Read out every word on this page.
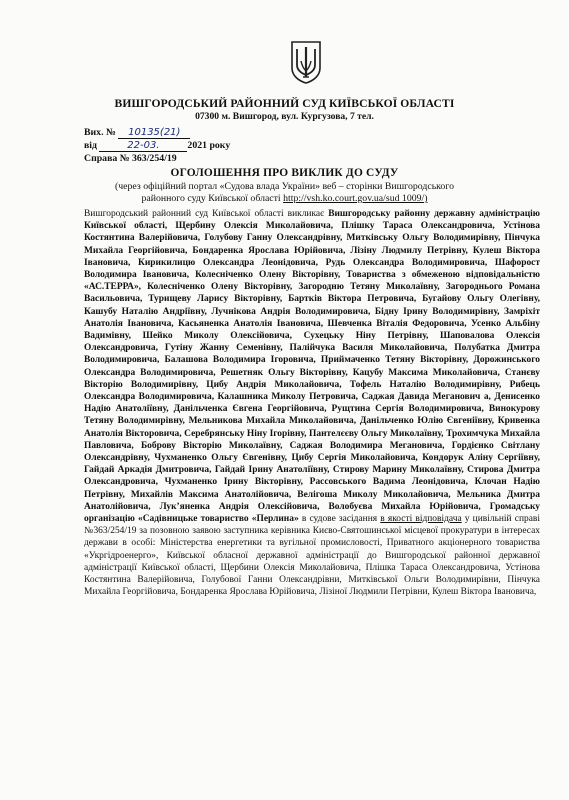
ВИШГОРОДСЬКИЙ РАЙОННИЙ СУД КИЇВСЬКОЇ ОБЛАСТІ
07300 м. Вишгород, вул. Кургузова, 7 тел.
Вих. № 10135(21)
від	22-03.	2021 року
Справа № 363/254/19
ОГОЛОШЕННЯ ПРО ВИКЛИК ДО СУДУ
(через офіційний портал «Судова влада України» веб – сторінки Вишгородського
районного суду Київської області http://vsh.ko.court.gov.ua/sud 1009/)
Вишгородський районний суд Київської області викликає Вишгородську районну державну адміністрацію Київської області, Щербину Олексія Миколайовича, Плішку Тараса Олександровича, Устінова Костянтина Валерійовича, Голубову Ганну Олександрівну, Митківську Ольгу Володимирівну, Пінчука Михайла Георгійовича, Бондаренка Ярослава Юрійовича, Лізіну Людмилу Петрівну, Кулеш Віктора Івановича, Кирикилицю Олександра Леонідовича, Рудь Олександра Володимировича, Шафорост Володимира Івановича, Колесніченко Олену Вікторівну, Товариства з обмеженою відповідальністю «АС.ТЕРРА», Колесніченко Олену Вікторівну, Загородню Тетяну Миколаївну, Загороднього Романа Васильовича, Турищеву Ларису Вікторівну, Бартків Віктора Петровича, Бугайову Ольгу Олегівну, Кашубу Наталію Андріївну, Лучнікова Андрія Володимировича, Бідну Ірину Володимирівну, Замріхіт Анатолія Івановича, Касьяненка Анатолія Івановича, Шевченка Віталія Федоровича, Усенко Альбіну Вадимівну, Шейко Миколу Олексійовича, Сухецьку Ніну Петрівну, Шаповалова Олексія Олександровича, Гутіну Жанну Семенівну, Палійчука Василя Миколайовича, Полубатка Дмитра Володимировича, Балашова Володимира Ігоровича, Приймаченко Тетяну Вікторівну, Дорожинського Олександра Володимировича, Решетняк Ольгу Вікторівну, Кацубу Максима Миколайовича, Станєву Вікторію Володимирівну, Цибу Андрія Миколайовича, Тофель Наталію Володимирівну, Рибець Олександра Володимировича, Калашника Миколу Петровича, Саджая Давида Меганович а, Денисенко Надію Анатоліївну, Данільченка Євгена Георгійовича, Рущтина Сергія Володимировича, Винокурову Тетяну Володимирівну, Мельникова Михайла Миколайовича, Данільченко Юлію Євгеніївну, Кривенка Анатолія Вікторовича, Серебрянську Ніну Ігорівну, Пантелєєву Ольгу Миколаївну, Трохимчука Михайла Павловича, Боброву Вікторію Миколаївну, Саджая Володимира Мегановича, Гордієнко Світлану Олександрівну, Чухманенко Ольгу Євгенівну, Цибу Сергія Миколайовича, Кондорук Аліну Сергіївну, Гайдай Аркадія Дмитровича, Гайдай Ірину Анатоліївну, Стирову Марину Миколаївну, Стирова Дмитра Олександровича, Чухманенко Ірину Вікторівну, Рассовського Вадима Леонідовича, Клочан Надію Петрівну, Михайлів Максима Анатолійовича, Велігоша Миколу Миколайовича, Мельника Дмитра Анатолійовича, Лук’яненка Андрія Олексійовича, Волобуєва Михайла Юрійовича, Громадську організацію «Садівницьке товариство «Перлина» в судове засідання в якості відповідача у цивільній справі №363/254/19 за позовною заявою заступника керівника Києво-Святошинської місцевої прокуратури в інтересах держави в особі: Міністерства енергетики та вугільної промисловості, Приватного акціонерного товариства «Укргідроенерго», Київської обласної державної адміністрації до Вишгородської районної державної адміністрації Київської області, Щербини Олексія Миколайовича, Плішка Тараса Олександровича, Устінова Костянтина Валерійовича, Голубової Ганни Олександрівни, Митківської Ольги Володимирівни, Пінчука Михайла Георгійовича, Бондаренка Ярослава Юрійовича, Лізіної Людмили Петрівни, Кулеш Віктора Івановича,
